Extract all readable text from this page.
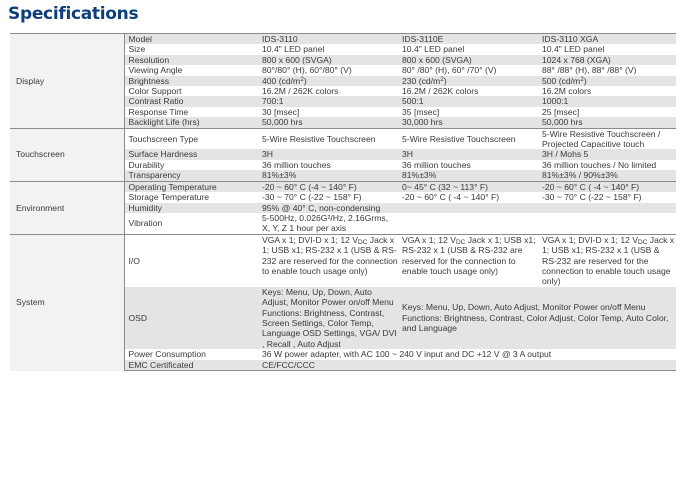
Specifications
Display	Model	IDS-3110	IDS-3110E	IDS-3110 XGA
	Size	10.4" LED panel	10.4" LED panel	10.4" LED panel
	Resolution	800 x 600 (SVGA)	800 x 600 (SVGA)	1024 x 768 (XGA)
	Viewing Angle	80°/80° (H), 60°/80° (V)	80° /80° (H), 60° /70° (V)	88° /88° (H), 88° /88° (V)
	Brightness	400 $(cd/m^2)$	230 $(cd/m^2)$	500 $(cd/m^2)$
	Color Support	16.2M / 262K colors	16.2M / 262K colors	16.2M colors
	Contrast Ratio	700:1	500:1	1000:1
	Response Time	30 [msec]	35 [msec]	25 [msec]
	Backlight Life (hrs)	50,000 hrs	30,000 hrs	50,000 hrs
Touchscreen	Touchscreen Type	5-Wire Resistive Touchscreen	5-Wire Resistive Touchscreen	5-Wire Resistive Touchscreen / Projected Capacitive touch
	Surface Hardness	3H	3H	3H / Mohs 5
	Durability	36 million touches	36 million touches	36 million touches / No limited
	Transparency	81%±3%	81%±3%	81%±3% / 90%±3%
Environment	Operating Temperature	-20 ~ 60° C (-4 ~ 140° F)	0~ 45° C (32 ~ 113° F)	-20 ~ 60° C ( -4 ~ 140° F)
	Storage Temperature	-30 ~ 70° C (-22 ~ 158° F)	-20 ~ 60° C ( -4 ~ 140° F)	-30 ~ 70° C (-22 ~ 158° F)
	Humidity	95% @ 40° C, non-condensing		
	Vibration	5-500Hz, 0.026G²/Hz, 2.16Grms, X, Y, Z 1 hour per axis		
System	I/O	VGA x 1; DVI-D x 1; 12 $V_{DC}$ Jack x 1; USB x1; RS-232 x 1 (USB & RS-232 are reserved for the connection to enable touch usage only)	VGA x 1; 12 $V_{DC}$ Jack x 1; USB x1; RS-232 x 1 (USB & RS-232 are reserved for the connection to enable touch usage only)	VGA x 1; DVI-D x 1; 12 $V_{DC}$ Jack x 1; USB x1; RS-232 x 1 (USB & RS-232 are reserved for the connection to enable touch usage only)
	OSD	Keys: Menu, Up, Down, Auto Adjust, Monitor Power on/off Menu Functions: Brightness, Contrast, Screen Settings, Color Temp, Language OSD Settings, VGA/ DVI , Recall , Auto Adjust	Keys: Menu, Up, Down, Auto Adjust, Monitor Power on/off Menu Functions: Brightness, Contrast, Color Adjust, Color Temp, Auto Color, and Language	
	Power Consumption	36 W power adapter, with AC 100 ~ 240 V input and DC +12 V @ 3 A output		
	EMC Certificated	CE/FCC/CCC		
